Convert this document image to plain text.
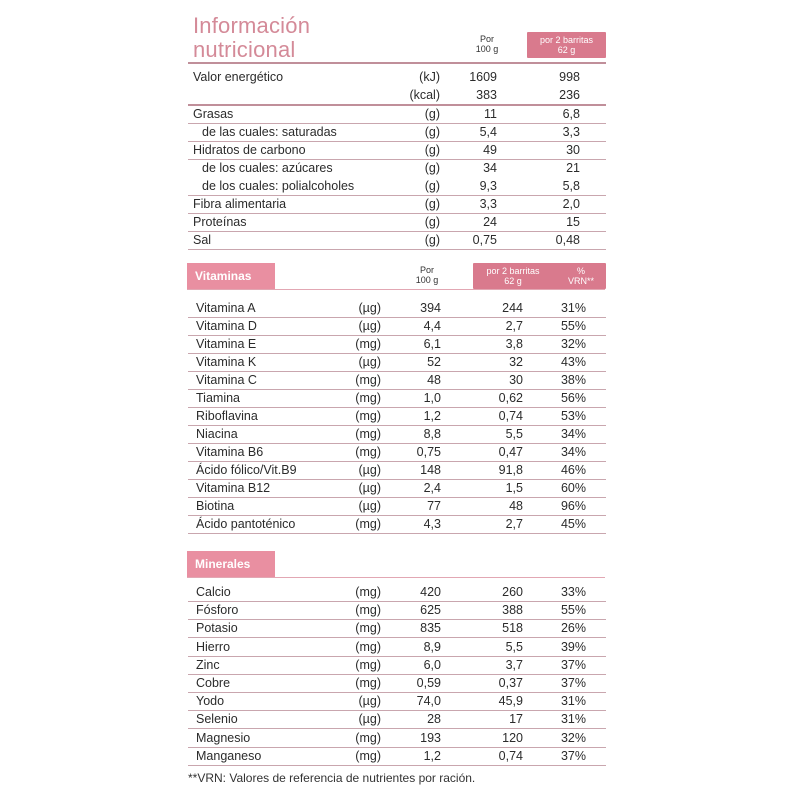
Información
nutricional	Por
100 g
por 2 barritas
62 g
Valor energético	(kJ)	1609	998
(kcal)	383	236
Grasas	(g)	11	6,8
de las cuales: saturadas	(g)	5,4	3,3
Hidratos de carbono	(g)	49	30
de los cuales: azúcares	(g)	34	21
de los cuales: polialcoholes	(g)	9,3	5,8
Fibra alimentaria	(g)	3,3	2,0
Proteínas	(g)	24	15
Sal	(g)	0,75	0,48
Vitaminas	Por
100 g
por 2 barritas
62 g
%
VRN**
Vitamina A	(µg)	394	244	31%
Vitamina D	(µg)	4,4	2,7	55%
Vitamina E	(mg)	6,1	3,8	32%
Vitamina K	(µg)	52	32	43%
Vitamina C	(mg)	48	30	38%
Tiamina	(mg)	1,0	0,62	56%
Riboflavina	(mg)	1,2	0,74	53%
Niacina	(mg)	8,8	5,5	34%
Vitamina B6	(mg)	0,75	0,47	34%
Ácido fólico/Vit.B9	(µg)	148	91,8	46%
Vitamina B12	(µg)	2,4	1,5	60%
Biotina	(µg)	77	48	96%
Ácido pantoténico	(mg)	4,3	2,7	45%
Minerales
Calcio	(mg)	420	260	33%
Fósforo	(mg)	625	388	55%
Potasio	(mg)	835	518	26%
Hierro	(mg)	8,9	5,5	39%
Zinc	(mg)	6,0	3,7	37%
Cobre	(mg)	0,59	0,37	37%
Yodo	(µg)	74,0	45,9	31%
Selenio	(µg)	28	17	31%
Magnesio	(mg)	193	120	32%
Manganeso	(mg)	1,2	0,74	37%
**VRN: Valores de referencia de nutrientes por ración.
